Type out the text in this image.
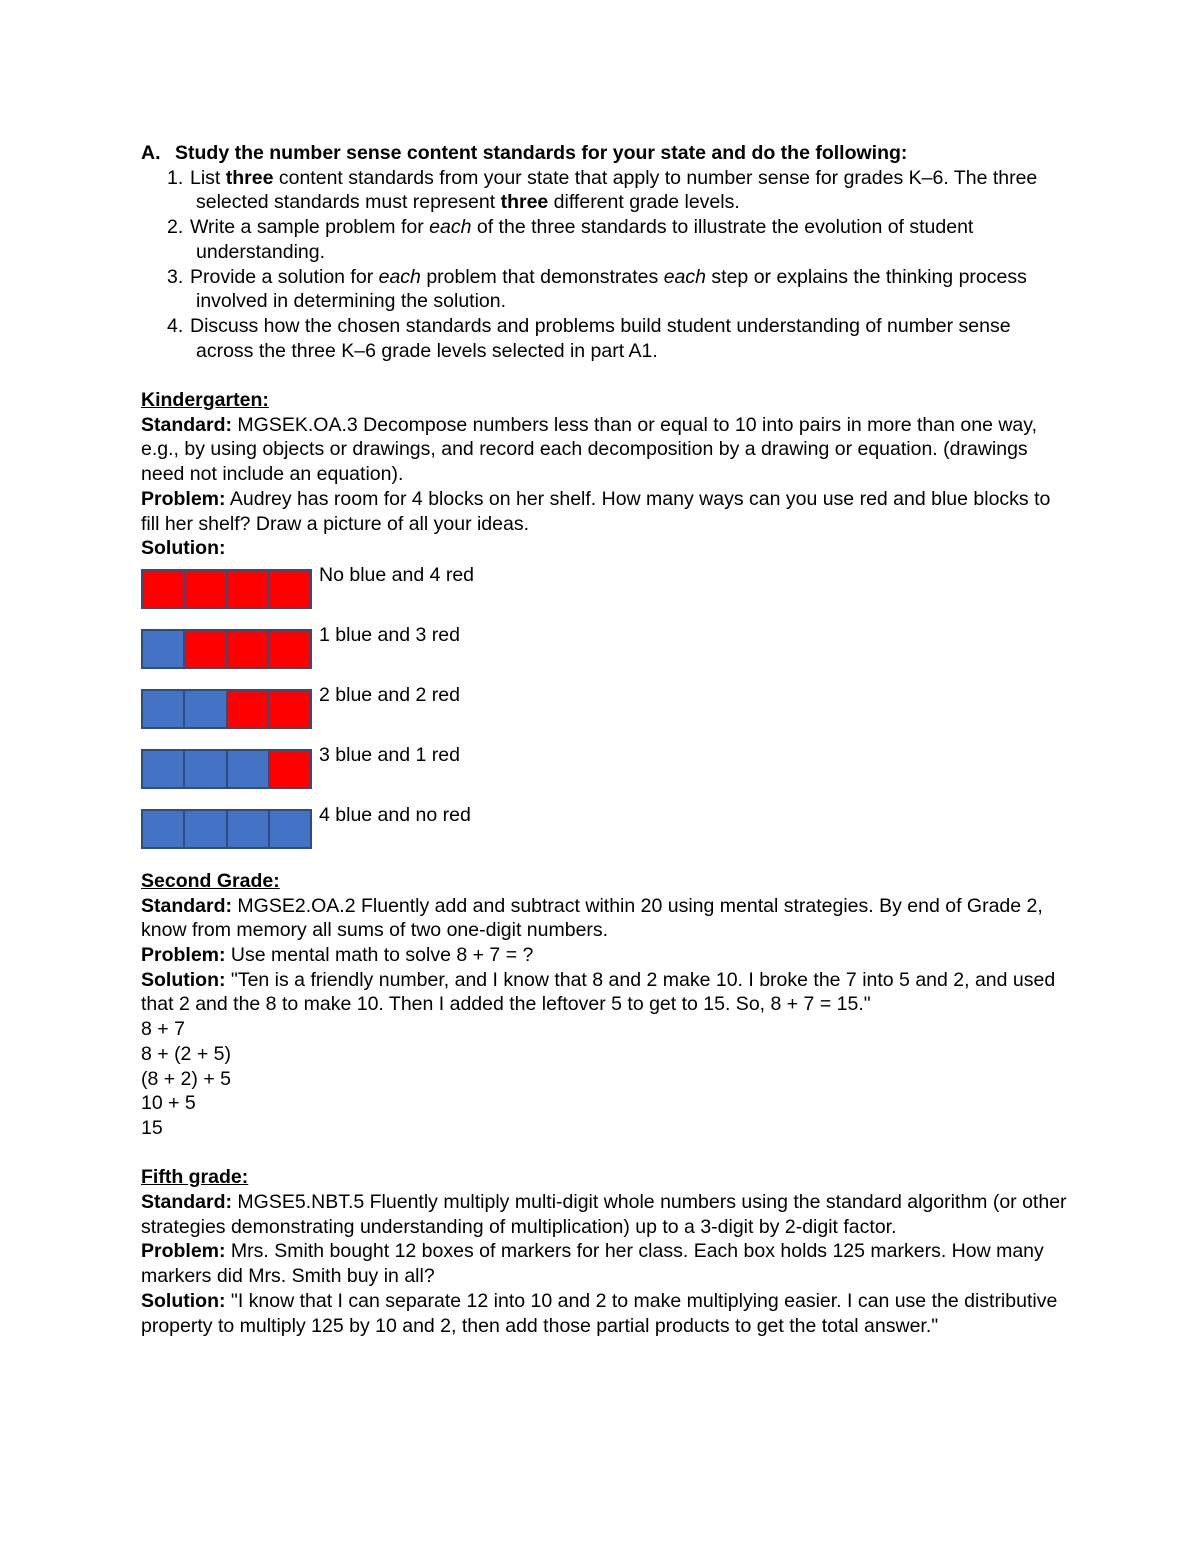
A. Study the number sense content standards for your state and do the following:

1. List three content standards from your state that apply to number sense for grades K–6. The three selected standards must represent three different grade levels.
2. Write a sample problem for each of the three standards to illustrate the evolution of student understanding.
3. Provide a solution for each problem that demonstrates each step or explains the thinking process involved in determining the solution.
4. Discuss how the chosen standards and problems build student understanding of number sense across the three K–6 grade levels selected in part A1.

Kindergarten:

Standard: MGSEK.OA.3 Decompose numbers less than or equal to 10 into pairs in more than one way, e.g., by using objects or drawings, and record each decomposition by a drawing or equation. (drawings need not include an equation).

Problem: Audrey has room for 4 blocks on her shelf. How many ways can you use red and blue blocks to fill her shelf? Draw a picture of all your ideas.

Solution:

No blue and 4 red
1 blue and 3 red
2 blue and 2 red
3 blue and 1 red
4 blue and no red

Second Grade:

Standard: MGSE2.OA.2 Fluently add and subtract within 20 using mental strategies. By end of Grade 2, know from memory all sums of two one-digit numbers.

Problem: Use mental math to solve 8 + 7 = ?

Solution: "Ten is a friendly number, and I know that 8 and 2 make 10. I broke the 7 into 5 and 2, and used that 2 and the 8 to make 10. Then I added the leftover 5 to get to 15. So, 8 + 7 = 15."

8 + 7

8 + (2 + 5)

(8 + 2) + 5

10 + 5

15

Fifth grade:

Standard: MGSE5.NBT.5 Fluently multiply multi-digit whole numbers using the standard algorithm (or other strategies demonstrating understanding of multiplication) up to a 3-digit by 2-digit factor.

Problem: Mrs. Smith bought 12 boxes of markers for her class. Each box holds 125 markers. How many markers did Mrs. Smith buy in all?

Solution: "I know that I can separate 12 into 10 and 2 to make multiplying easier. I can use the distributive property to multiply 125 by 10 and 2, then add those partial products to get the total answer."
